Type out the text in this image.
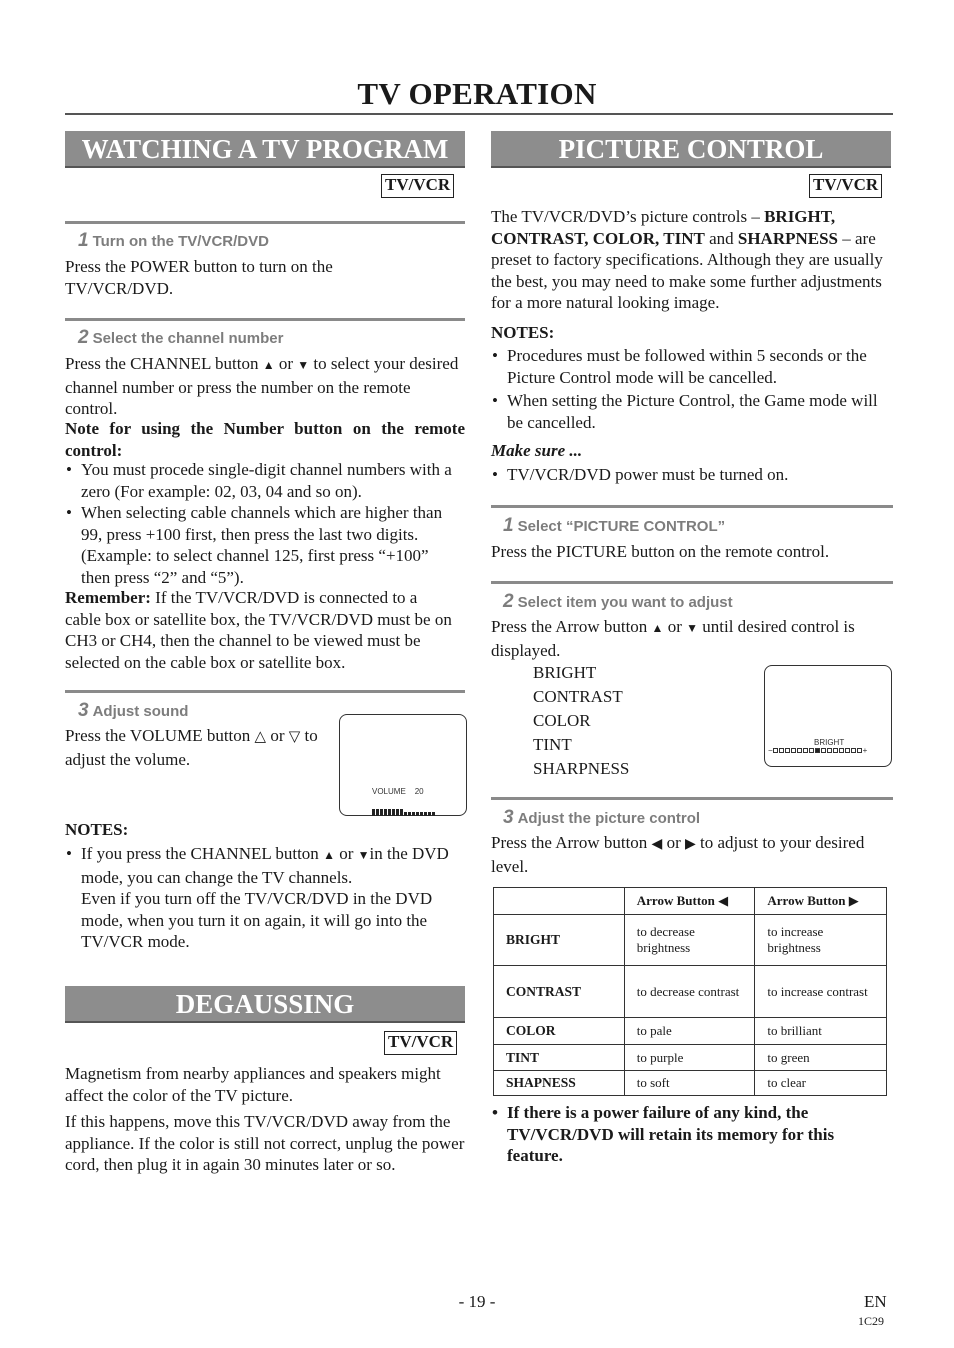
TV OPERATION
WATCHING A TV PROGRAM
TV/VCR
1 Turn on the TV/VCR/DVD
Press the POWER button to turn on the TV/VCR/DVD.
2 Select the channel number
Press the CHANNEL button ▲ or ▼ to select your desired channel number or press the number on the remote control.
Note for using the Number button on the remote control:
• You must procede single-digit channel numbers with a zero (For example: 02, 03, 04 and so on).
• When selecting cable channels which are higher than 99, press +100 first, then press the last two digits. (Example: to select channel 125, first press “+100” then press “2” and “5”).
Remember: If the TV/VCR/DVD is connected to a cable box or satellite box, the TV/VCR/DVD must be on CH3 or CH4, then the channel to be viewed must be selected on the cable box or satellite box.
3 Adjust sound
Press the VOLUME button △ or ▽ to adjust the volume.
VOLUME 20
NOTES:
• If you press the CHANNEL button ▲ or ▼in the DVD mode, you can change the TV channels.
Even if you turn off the TV/VCR/DVD in the DVD mode, when you turn it on again, it will go into the TV/VCR mode.
DEGAUSSING
TV/VCR
Magnetism from nearby appliances and speakers might affect the color of the TV picture.
If this happens, move this TV/VCR/DVD away from the appliance. If the color is still not correct, unplug the power cord, then plug it in again 30 minutes later or so.
PICTURE CONTROL
TV/VCR
The TV/VCR/DVD’s picture controls – BRIGHT, CONTRAST, COLOR, TINT and SHARPNESS – are preset to factory specifications. Although they are usually the best, you may need to make some further adjustments for a more natural looking image.
NOTES:
• Procedures must be followed within 5 seconds or the Picture Control mode will be cancelled.
• When setting the Picture Control, the Game mode will be cancelled.
Make sure ...
• TV/VCR/DVD power must be turned on.
1 Select “PICTURE CONTROL”
Press the PICTURE button on the remote control.
2 Select item you want to adjust
Press the Arrow button ▲ or ▼ until desired control is displayed.
BRIGHT
CONTRAST
COLOR
TINT
SHARPNESS
BRIGHT
−	+
3 Adjust the picture control
Press the Arrow button ◀ or ▶ to adjust to your desired level.
	Arrow Button ◀	Arrow Button ▶
BRIGHT	to decrease brightness	to increase brightness
CONTRAST	to decrease contrast	to increase contrast
COLOR	to pale	to brilliant
TINT	to purple	to green
SHAPNESS	to soft	to clear
• If there is a power failure of any kind, the TV/VCR/DVD will retain its memory for this feature.
- 19 -	EN
1C29
